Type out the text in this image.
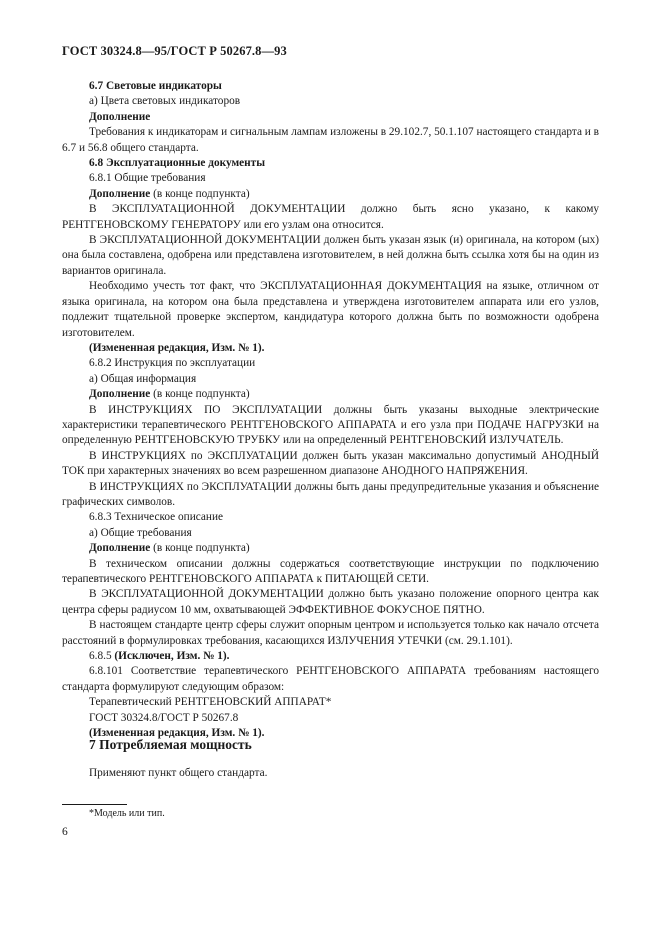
ГОСТ 30324.8—95/ГОСТ Р 50267.8—93

6.7 Световые индикаторы

а) Цвета световых индикаторов

Дополнение

Требования к индикаторам и сигнальным лампам изложены в 29.102.7, 50.1.107 настоящего стандарта и в 6.7 и 56.8 общего стандарта.

6.8 Эксплуатационные документы

6.8.1 Общие требования

Дополнение (в конце подпункта)

В ЭКСПЛУАТАЦИОННОЙ ДОКУМЕНТАЦИИ должно быть ясно указано, к какому РЕНТГЕНОВСКОМУ ГЕНЕРАТОРУ или его узлам она относится.

В ЭКСПЛУАТАЦИОННОЙ ДОКУМЕНТАЦИИ должен быть указан язык (и) оригинала, на котором (ых) она была составлена, одобрена или представлена изготовителем, в ней должна быть ссылка хотя бы на один из вариантов оригинала.

Необходимо учесть тот факт, что ЭКСПЛУАТАЦИОННАЯ ДОКУМЕНТАЦИЯ на языке, отличном от языка оригинала, на котором она была представлена и утверждена изготовителем аппарата или его узлов, подлежит тщательной проверке экспертом, кандидатура которого должна быть по возможности одобрена изготовителем.

(Измененная редакция, Изм. № 1).

6.8.2 Инструкция по эксплуатации

а) Общая информация

Дополнение (в конце подпункта)

В ИНСТРУКЦИЯХ ПО ЭКСПЛУАТАЦИИ должны быть указаны выходные электрические характеристики терапевтического РЕНТГЕНОВСКОГО АППАРАТА и его узла при ПОДАЧЕ НАГРУЗКИ на определенную РЕНТГЕНОВСКУЮ ТРУБКУ или на определенный РЕНТГЕНОВСКИЙ ИЗЛУЧАТЕЛЬ.

В ИНСТРУКЦИЯХ по ЭКСПЛУАТАЦИИ должен быть указан максимально допустимый АНОДНЫЙ ТОК при характерных значениях во всем разрешенном диапазоне АНОДНОГО НАПРЯЖЕНИЯ.

В ИНСТРУКЦИЯХ по ЭКСПЛУАТАЦИИ должны быть даны предупредительные указания и объяснение графических символов.

6.8.3 Техническое описание

а) Общие требования

Дополнение (в конце подпункта)

В техническом описании должны содержаться соответствующие инструкции по подключению терапевтического РЕНТГЕНОВСКОГО АППАРАТА к ПИТАЮЩЕЙ СЕТИ.

В ЭКСПЛУАТАЦИОННОЙ ДОКУМЕНТАЦИИ должно быть указано положение опорного центра как центра сферы радиусом 10 мм, охватывающей ЭФФЕКТИВНОЕ ФОКУСНОЕ ПЯТНО.

В настоящем стандарте центр сферы служит опорным центром и используется только как начало отсчета расстояний в формулировках требования, касающихся ИЗЛУЧЕНИЯ УТЕЧКИ (см. 29.1.101).

6.8.5 (Исключен, Изм. № 1).

6.8.101 Соответствие терапевтического РЕНТГЕНОВСКОГО АППАРАТА требованиям настоящего стандарта формулируют следующим образом:

Терапевтический РЕНТГЕНОВСКИЙ АППАРАТ*

ГОСТ 30324.8/ГОСТ Р 50267.8

(Измененная редакция, Изм. № 1).

7 Потребляемая мощность
Применяют пункт общего стандарта.
*Модель или тип.
6
